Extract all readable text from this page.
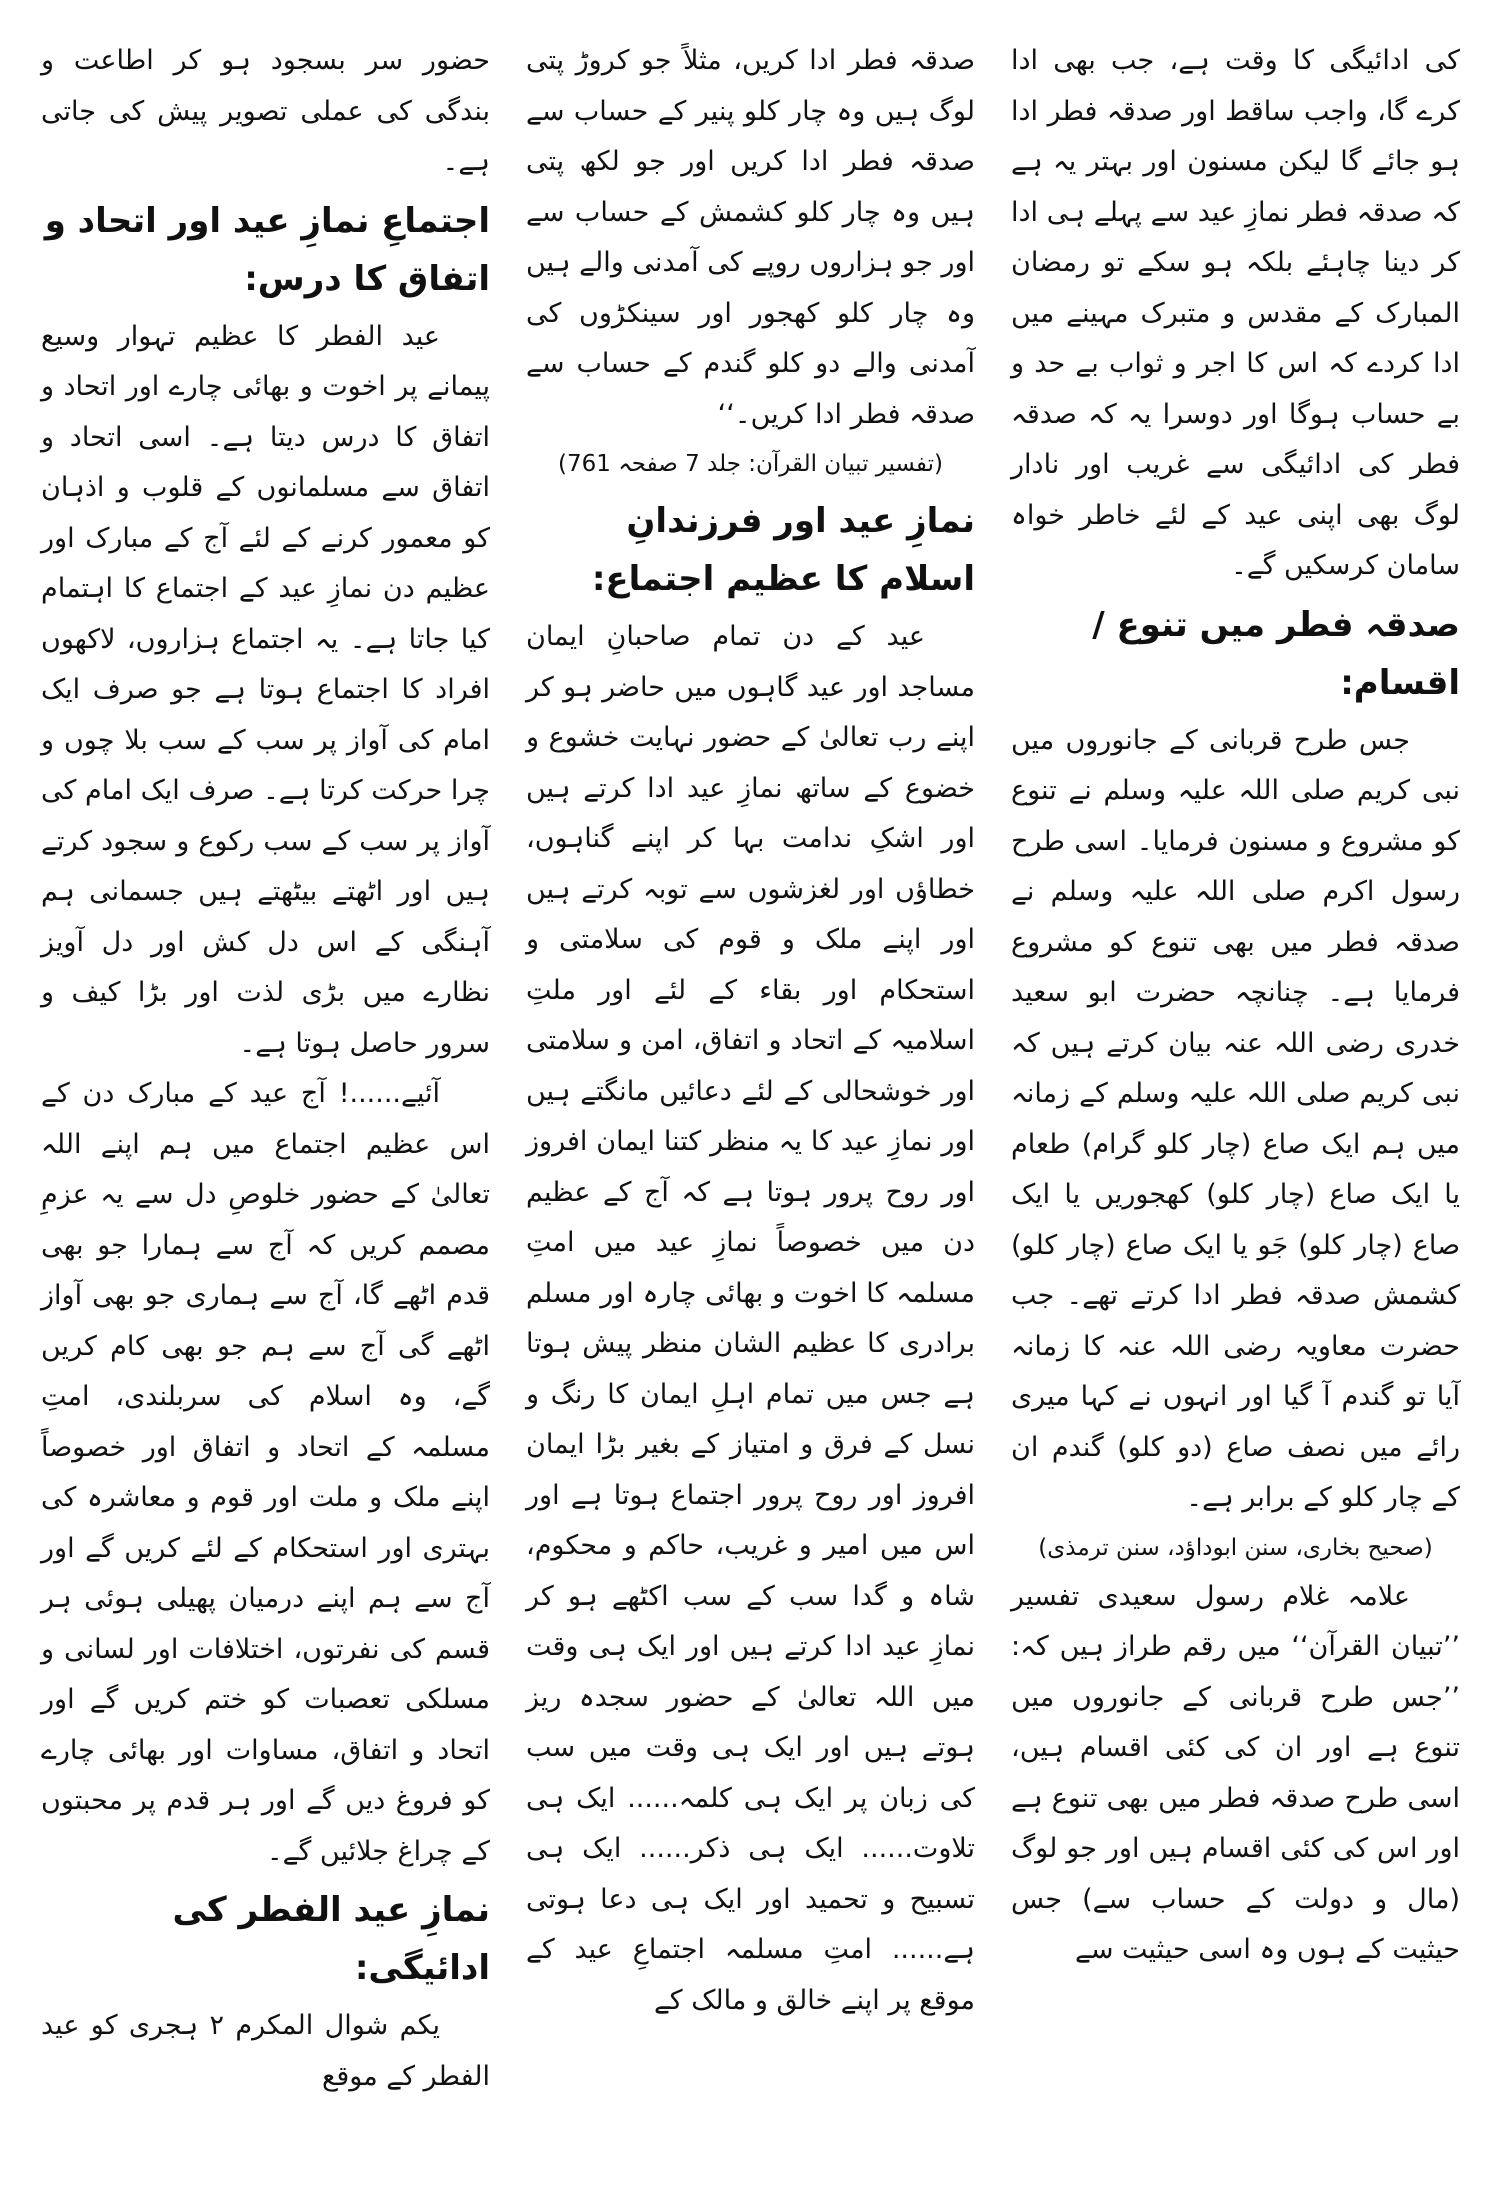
کی ادائیگی کا وقت ہے، جب بھی ادا کرے گا، واجب ساقط اور صدقہ فطر ادا ہو جائے گا لیکن مسنون اور بہتر یہ ہے کہ صدقہ فطر نمازِ عید سے پہلے ہی ادا کر دینا چاہئے بلکہ ہو سکے تو رمضان المبارک کے مقدس و متبرک مہینے میں ادا کردے کہ اس کا اجر و ثواب بے حد و بے حساب ہوگا اور دوسرا یہ کہ صدقہ فطر کی ادائیگی سے غریب اور نادار لوگ بھی اپنی عید کے لئے خاطر خواہ سامان کرسکیں گے۔

صدقہ فطر میں تنوع / اقسام:

جس طرح قربانی کے جانوروں میں نبی کریم صلی اللہ علیہ وسلم نے تنوع کو مشروع و مسنون فرمایا۔ اسی طرح رسول اکرم صلی اللہ علیہ وسلم نے صدقہ فطر میں بھی تنوع کو مشروع فرمایا ہے۔ چنانچہ حضرت ابو سعید خدری رضی اللہ عنہ بیان کرتے ہیں کہ نبی کریم صلی اللہ علیہ وسلم کے زمانہ میں ہم ایک صاع (چار کلو گرام) طعام یا ایک صاع (چار کلو) کھجوریں یا ایک صاع (چار کلو) جَو یا ایک صاع (چار کلو) کشمش صدقہ فطر ادا کرتے تھے۔ جب حضرت معاویہ رضی اللہ عنہ کا زمانہ آیا تو گندم آ گیا اور انہوں نے کہا میری رائے میں نصف صاع (دو کلو) گندم ان کے چار کلو کے برابر ہے۔

(صحیح بخاری، سنن ابوداؤد، سنن ترمذی)

علامہ غلام رسول سعیدی تفسیر ’’تبیان القرآن‘‘ میں رقم طراز ہیں کہ: ’’جس طرح قربانی کے جانوروں میں تنوع ہے اور ان کی کئی اقسام ہیں، اسی طرح صدقہ فطر میں بھی تنوع ہے اور اس کی کئی اقسام ہیں اور جو لوگ (مال و دولت کے حساب سے) جس حیثیت کے ہوں وہ اسی حیثیت سے

صدقہ فطر ادا کریں، مثلاً جو کروڑ پتی لوگ ہیں وہ چار کلو پنیر کے حساب سے صدقہ فطر ادا کریں اور جو لکھ پتی ہیں وہ چار کلو کشمش کے حساب سے اور جو ہزاروں روپے کی آمدنی والے ہیں وہ چار کلو کھجور اور سینکڑوں کی آمدنی والے دو کلو گندم کے حساب سے صدقہ فطر ادا کریں۔‘‘

(تفسیر تبیان القرآن: جلد 7 صفحہ 761)

نمازِ عید اور فرزندانِ اسلام کا عظیم اجتماع:

عید کے دن تمام صاحبانِ ایمان مساجد اور عید گاہوں میں حاضر ہو کر اپنے رب تعالیٰ کے حضور نہایت خشوع و خضوع کے ساتھ نمازِ عید ادا کرتے ہیں اور اشکِ ندامت بہا کر اپنے گناہوں، خطاؤں اور لغزشوں سے توبہ کرتے ہیں اور اپنے ملک و قوم کی سلامتی و استحکام اور بقاء کے لئے اور ملتِ اسلامیہ کے اتحاد و اتفاق، امن و سلامتی اور خوشحالی کے لئے دعائیں مانگتے ہیں اور نمازِ عید کا یہ منظر کتنا ایمان افروز اور روح پرور ہوتا ہے کہ آج کے عظیم دن میں خصوصاً نمازِ عید میں امتِ مسلمہ کا اخوت و بھائی چارہ اور مسلم برادری کا عظیم الشان منظر پیش ہوتا ہے جس میں تمام اہلِ ایمان کا رنگ و نسل کے فرق و امتیاز کے بغیر بڑا ایمان افروز اور روح پرور اجتماع ہوتا ہے اور اس میں امیر و غریب، حاکم و محکوم، شاہ و گدا سب کے سب اکٹھے ہو کر نمازِ عید ادا کرتے ہیں اور ایک ہی وقت میں اللہ تعالیٰ کے حضور سجدہ ریز ہوتے ہیں اور ایک ہی وقت میں سب کی زبان پر ایک ہی کلمہ...... ایک ہی تلاوت...... ایک ہی ذکر...... ایک ہی تسبیح و تحمید اور ایک ہی دعا ہوتی ہے...... امتِ مسلمہ اجتماعِ عید کے موقع پر اپنے خالق و مالک کے

حضور سر بسجود ہو کر اطاعت و بندگی کی عملی تصویر پیش کی جاتی ہے۔

اجتماعِ نمازِ عید اور اتحاد و اتفاق کا درس:

عید الفطر کا عظیم تہوار وسیع پیمانے پر اخوت و بھائی چارے اور اتحاد و اتفاق کا درس دیتا ہے۔ اسی اتحاد و اتفاق سے مسلمانوں کے قلوب و اذہان کو معمور کرنے کے لئے آج کے مبارک اور عظیم دن نمازِ عید کے اجتماع کا اہتمام کیا جاتا ہے۔ یہ اجتماع ہزاروں، لاکھوں افراد کا اجتماع ہوتا ہے جو صرف ایک امام کی آواز پر سب کے سب بلا چوں و چرا حرکت کرتا ہے۔ صرف ایک امام کی آواز پر سب کے سب رکوع و سجود کرتے ہیں اور اٹھتے بیٹھتے ہیں جسمانی ہم آہنگی کے اس دل کش اور دل آویز نظارے میں بڑی لذت اور بڑا کیف و سرور حاصل ہوتا ہے۔

آئیے......! آج عید کے مبارک دن کے اس عظیم اجتماع میں ہم اپنے اللہ تعالیٰ کے حضور خلوصِ دل سے یہ عزمِ مصمم کریں کہ آج سے ہمارا جو بھی قدم اٹھے گا، آج سے ہماری جو بھی آواز اٹھے گی آج سے ہم جو بھی کام کریں گے، وہ اسلام کی سربلندی، امتِ مسلمہ کے اتحاد و اتفاق اور خصوصاً اپنے ملک و ملت اور قوم و معاشرہ کی بہتری اور استحکام کے لئے کریں گے اور آج سے ہم اپنے درمیان پھیلی ہوئی ہر قسم کی نفرتوں، اختلافات اور لسانی و مسلکی تعصبات کو ختم کریں گے اور اتحاد و اتفاق، مساوات اور بھائی چارے کو فروغ دیں گے اور ہر قدم پر محبتوں کے چراغ جلائیں گے۔

نمازِ عید الفطر کی ادائیگی:

یکم شوال المکرم ۲ ہجری کو عید الفطر کے موقع
